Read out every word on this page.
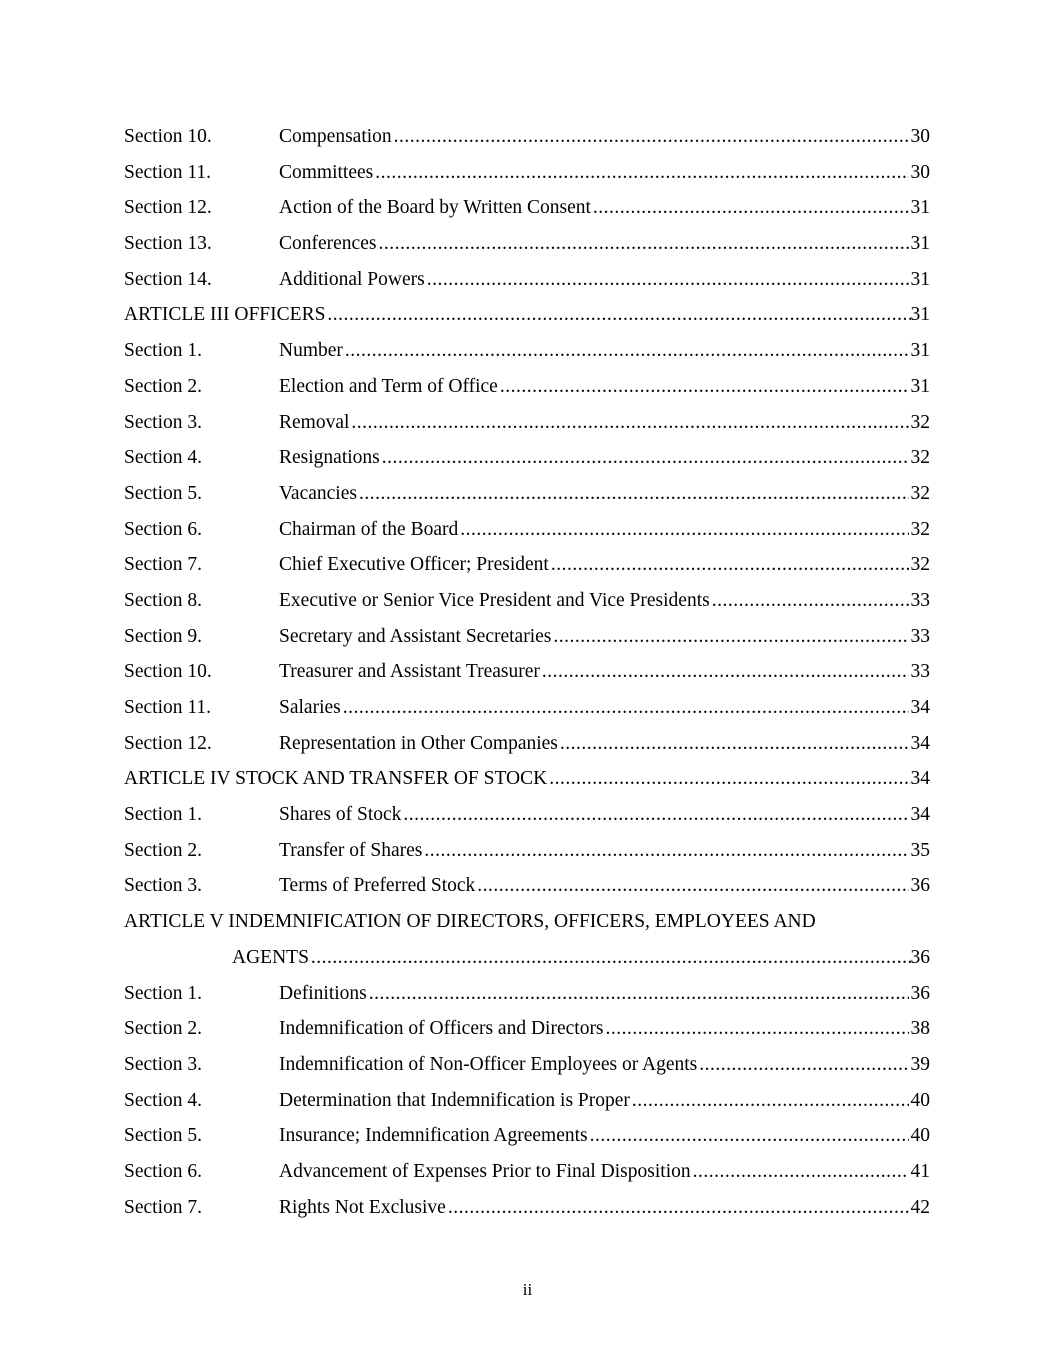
Section 10.	Compensation .....	30
Section 11.	Committees .....	30
Section 12.	Action of the Board by Written Consent .....	31
Section 13.	Conferences .....	31
Section 14.	Additional Powers .....	31
ARTICLE III OFFICERS .....	31
Section 1.	Number .....	31
Section 2.	Election and Term of Office .....	31
Section 3.	Removal .....	32
Section 4.	Resignations .....	32
Section 5.	Vacancies .....	32
Section 6.	Chairman of the Board .....	32
Section 7.	Chief Executive Officer; President .....	32
Section 8.	Executive or Senior Vice President and Vice Presidents .....	33
Section 9.	Secretary and Assistant Secretaries .....	33
Section 10.	Treasurer and Assistant Treasurer .....	33
Section 11.	Salaries .....	34
Section 12.	Representation in Other Companies .....	34
ARTICLE IV STOCK AND TRANSFER OF STOCK .....	34
Section 1.	Shares of Stock .....	34
Section 2.	Transfer of Shares .....	35
Section 3.	Terms of Preferred Stock .....	36
ARTICLE V INDEMNIFICATION OF DIRECTORS, OFFICERS, EMPLOYEES AND
AGENTS .....	36
Section 1.	Definitions .....	36
Section 2.	Indemnification of Officers and Directors .....	38
Section 3.	Indemnification of Non-Officer Employees or Agents .....	39
Section 4.	Determination that Indemnification is Proper .....	40
Section 5.	Insurance; Indemnification Agreements .....	40
Section 6.	Advancement of Expenses Prior to Final Disposition .....	41
Section 7.	Rights Not Exclusive .....	42
ii
